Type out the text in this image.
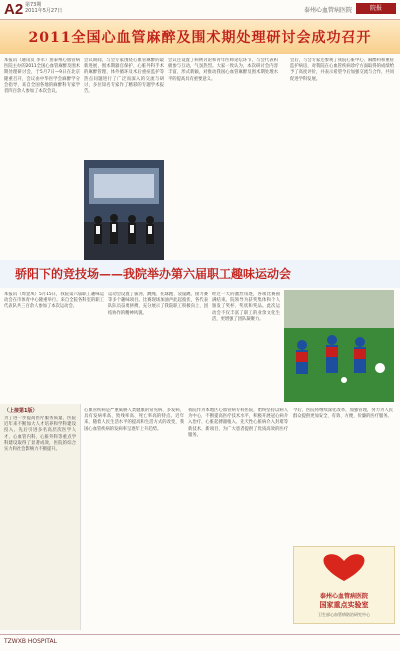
A2 第73期
2011年5月27日	泰州心血管病医院	院报
2011全国心血管麻醉及围术期处理研讨会成功召开
本报讯（通讯员 李军）由泰州心血管病医院主办的2011全国心血管麻醉及围术期处理研讨会，于5月7日—9日在北京隆重召开，会议由中华医学会麻醉学分会指导，来自全国各地的麻醉科专家学者四百余人参加了本次会议。
会议期间，与会专家围绕心血管麻醉的最新进展、围术期器官保护、心脏外科手术的麻醉管理、体外循环及术后重症监护等热点问题进行了广泛而深入的交流与研讨，多位知名专家作了精彩的专题学术报告。
会议还设置了病例讨论和青年医师论坛环节，与会代表积极参与互动，气氛热烈。大家一致认为，本次研讨会内容丰富、形式新颖，对推动我国心血管麻醉及围术期处理水平的提高具有重要意义。
会后，与会专家还参观了我院心脏中心、麻醉科和重症监护病房，对我院在心血管疾病诊疗方面取得的成绩给予了高度评价，并表示希望今后加强交流与合作，共同促进学科发展。
骄阳下的竞技场——我院举办第六届职工趣味运动会
本报讯（周金凤）5月15日，我院第六届职工趣味运动会在市体育中心隆重举行。来自全院各科室的职工代表队共三百余人参加了本次运动会。
运动会设置了拔河、跳绳、托球跑、袋鼠跳、接力赛等多个趣味项目。比赛现场加油声此起彼伏，各代表队队员奋勇拼搏，充分展示了我院职工积极向上、团结协作的精神风貌。
经过一天的激烈角逐，各项比赛圆满结束。院领导为获奖集体和个人颁发了奖杯、奖状和奖品。此次运动会不仅丰富了职工的业余文化生活，更增强了团队凝聚力。
（上接第1版）
为了进一步提高医疗服务质量，医院近年来不断加大人才培养和学科建设投入，先后引进多名高层次医学人才，心血管内科、心脏外科等重点学科建设取得了显著成效，医院的综合实力和社会影响力不断提升。
心血管疾病是严重威胁人类健康的常见病、多发病，具有发病率高、致残率高、死亡率高的特点。近年来，随着人民生活水平的提高和生活方式的改变，我国心血管疾病的发病率呈逐年上升趋势。
我院作为本地区心血管病专科医院，始终坚持以病人为中心，不断提高医疗技术水平，积极开展冠心病介入治疗、心脏起搏器植入、先天性心脏病介入封堵等新技术、新项目，为广大患者提供了优质高效的医疗服务。
今后，医院将继续深化改革，加强管理，努力为人民群众提供更加安全、有效、方便、价廉的医疗服务。
泰州心血管病医院
国家重点实验室
卫生部心血管病防治研究中心
TZWXB HOSPITAL
